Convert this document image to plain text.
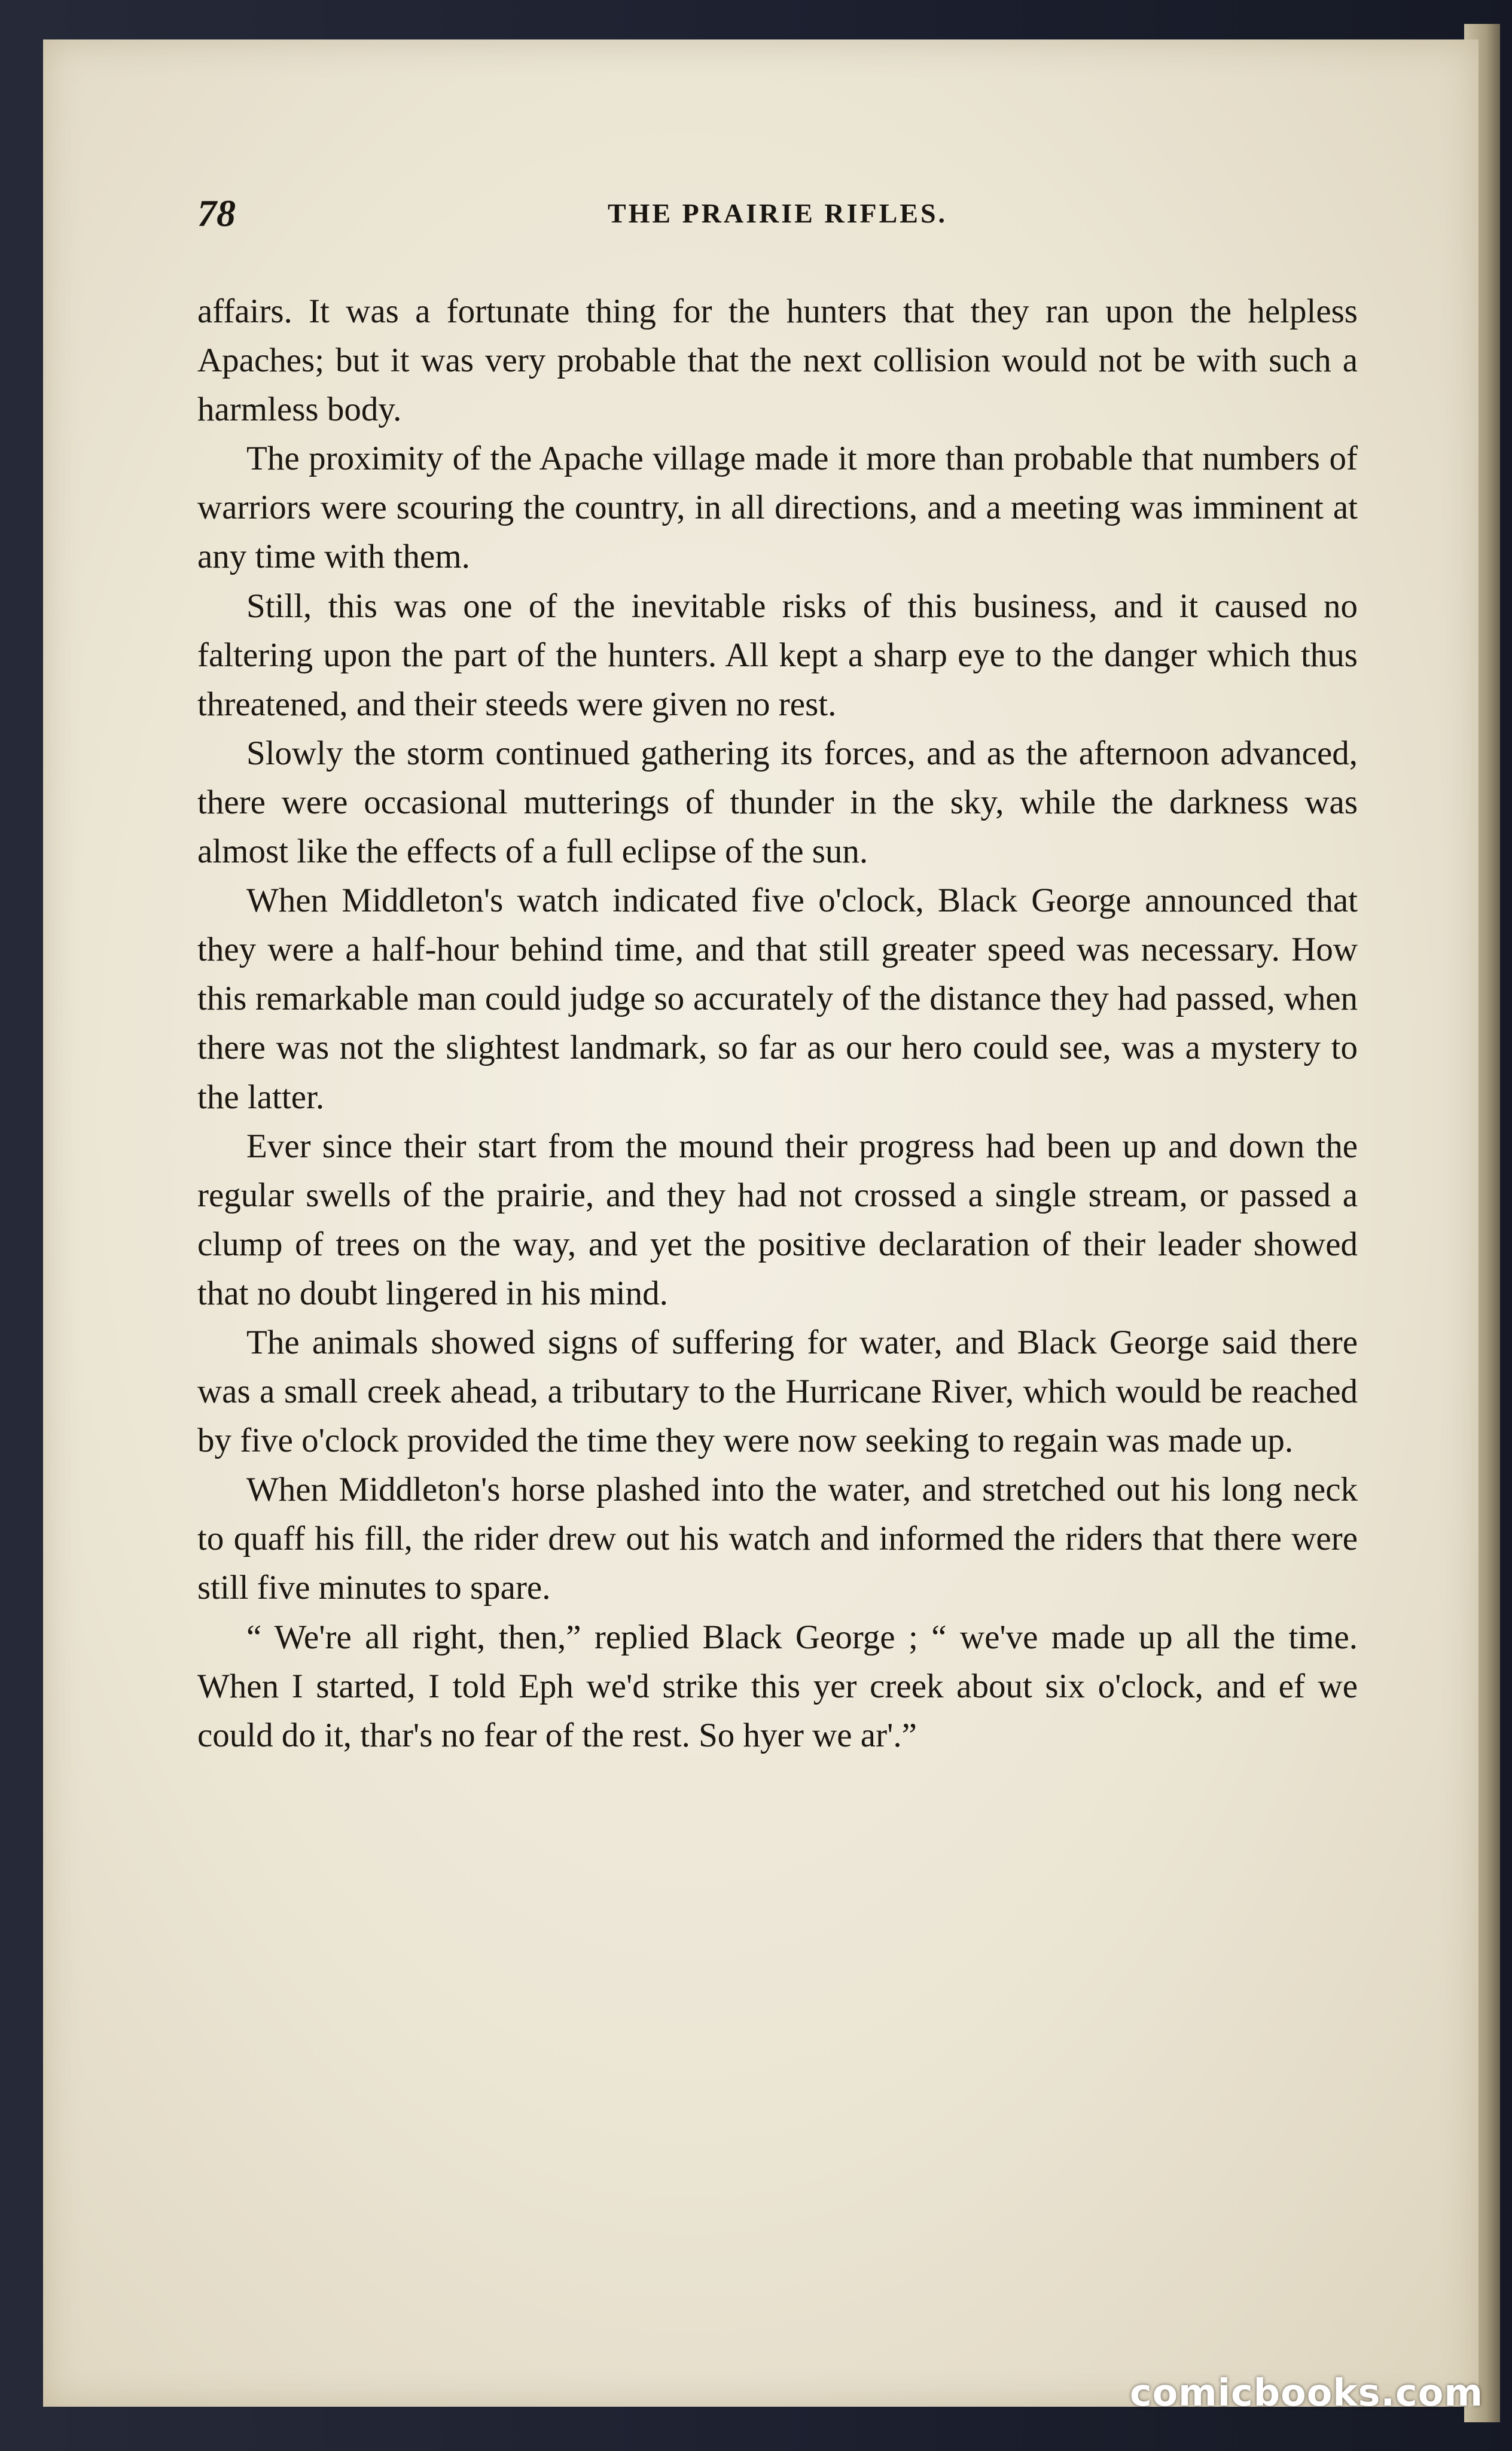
78	THE PRAIRIE RIFLES.

affairs. It was a fortunate thing for the hunters that they ran upon the helpless Apaches; but it was very probable that the next collision would not be with such a harmless body.

The proximity of the Apache village made it more than probable that numbers of warriors were scouring the country, in all directions, and a meeting was imminent at any time with them.

Still, this was one of the inevitable risks of this business, and it caused no faltering upon the part of the hunters. All kept a sharp eye to the danger which thus threatened, and their steeds were given no rest.

Slowly the storm continued gathering its forces, and as the afternoon advanced, there were occasional mutterings of thunder in the sky, while the darkness was almost like the effects of a full eclipse of the sun.

When Middleton's watch indicated five o'clock, Black George announced that they were a half-hour behind time, and that still greater speed was necessary. How this remarkable man could judge so accurately of the distance they had passed, when there was not the slightest landmark, so far as our hero could see, was a mystery to the latter.

Ever since their start from the mound their progress had been up and down the regular swells of the prairie, and they had not crossed a single stream, or passed a clump of trees on the way, and yet the positive declaration of their leader showed that no doubt lingered in his mind.

The animals showed signs of suffering for water, and Black George said there was a small creek ahead, a tributary to the Hurricane River, which would be reached by five o'clock provided the time they were now seeking to regain was made up.

When Middleton's horse plashed into the water, and stretched out his long neck to quaff his fill, the rider drew out his watch and informed the riders that there were still five minutes to spare.

“ We're all right, then,” replied Black George ; “ we've made up all the time. When I started, I told Eph we'd strike this yer creek about six o'clock, and ef we could do it, thar's no fear of the rest. So hyer we ar'.”

comicbooks.com
